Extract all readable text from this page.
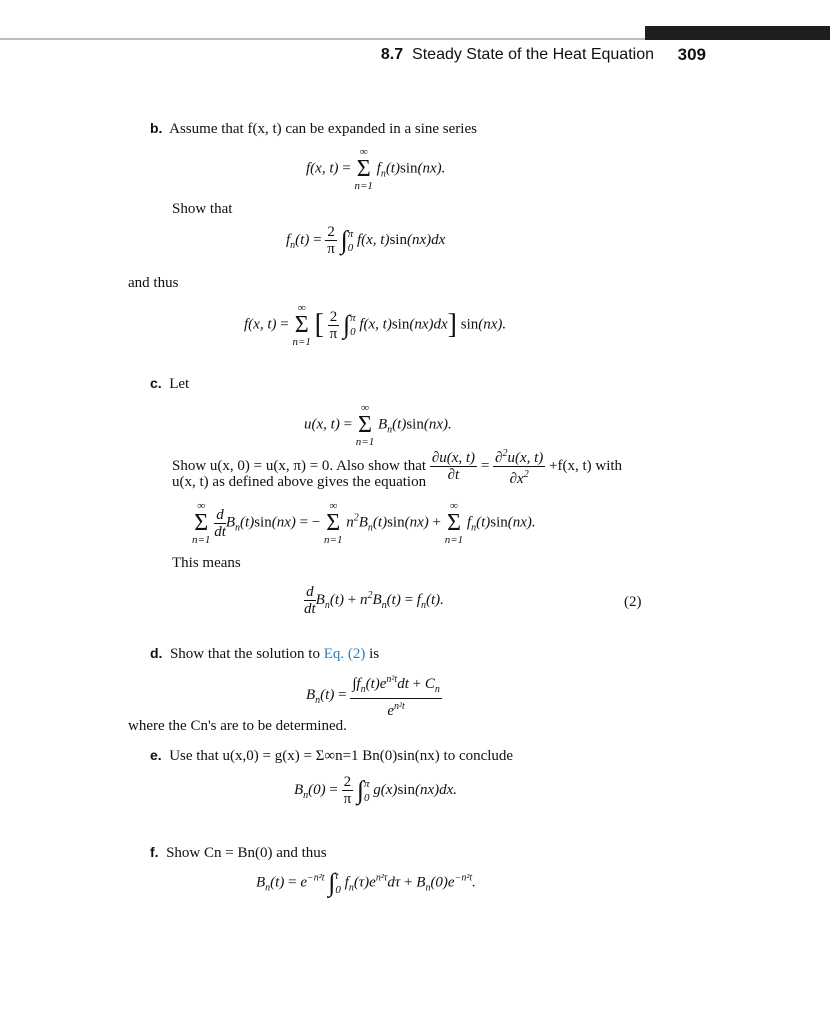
8.7 Steady State of the Heat Equation 309
b. Assume that f(x, t) can be expanded in a sine series
f(x, t) =
∞
Σ
n=1
$f_n(t)\sin(nx)$.
Show that
$f_n(t) = \frac{2}{\pi} \int\pi$
0 f(x, t)sin(nx)dx
and thus
f(x, t) =
∞
Σ
n=1
[ $\frac{2}{\pi} \int\pi$
0 f(x, t)sin(nx)dx] sin(nx).
c. Let
u(x, t) =
∞
Σ
n=1
$B_n(t)\sin(nx)$.
Show u(x, 0) = u(x, π) = 0. Also show that $\frac{\partial u(x, t)}{\partial t} = \frac{\partial^2u(x, t)}{\partial x^2} +f(x$, t) with
u(x, t) as defined above gives the equation
∞
Σ
n=1

$\frac{d}{dt} B_n(t)\sin(nx)$ = −
∞
Σ
n=1
$n^2B_n(t)\sin(nx)$ +
∞
Σ
n=1
$f_n(t)\sin(nx)$.
This means
$\frac{d}{dt} B_n(t) + n^2B_n(t) = f_n(t)$.	(2)
d. Show that the solution to Eq. (2) is
$B_n(t) = \frac{\int f_n(t)e^{n^2t}dt + C_n}{e^{n^2t}}$
where the Cn's are to be determined.
e. Use that u(x,0) = g(x) = Σ∞n=1 Bn(0)sin(nx) to conclude
$B_n(0) = \frac{2}{\pi} \int\pi$
0 g(x)sin(nx)dx.
f. Show Cn = Bn(0) and thus
$B_n(t) = e^{-n^2t}$ ∫t
0 $f_n(\tau)e^{n^2\tau}d\tau + B_n(0)e^{-n^2t}$.
